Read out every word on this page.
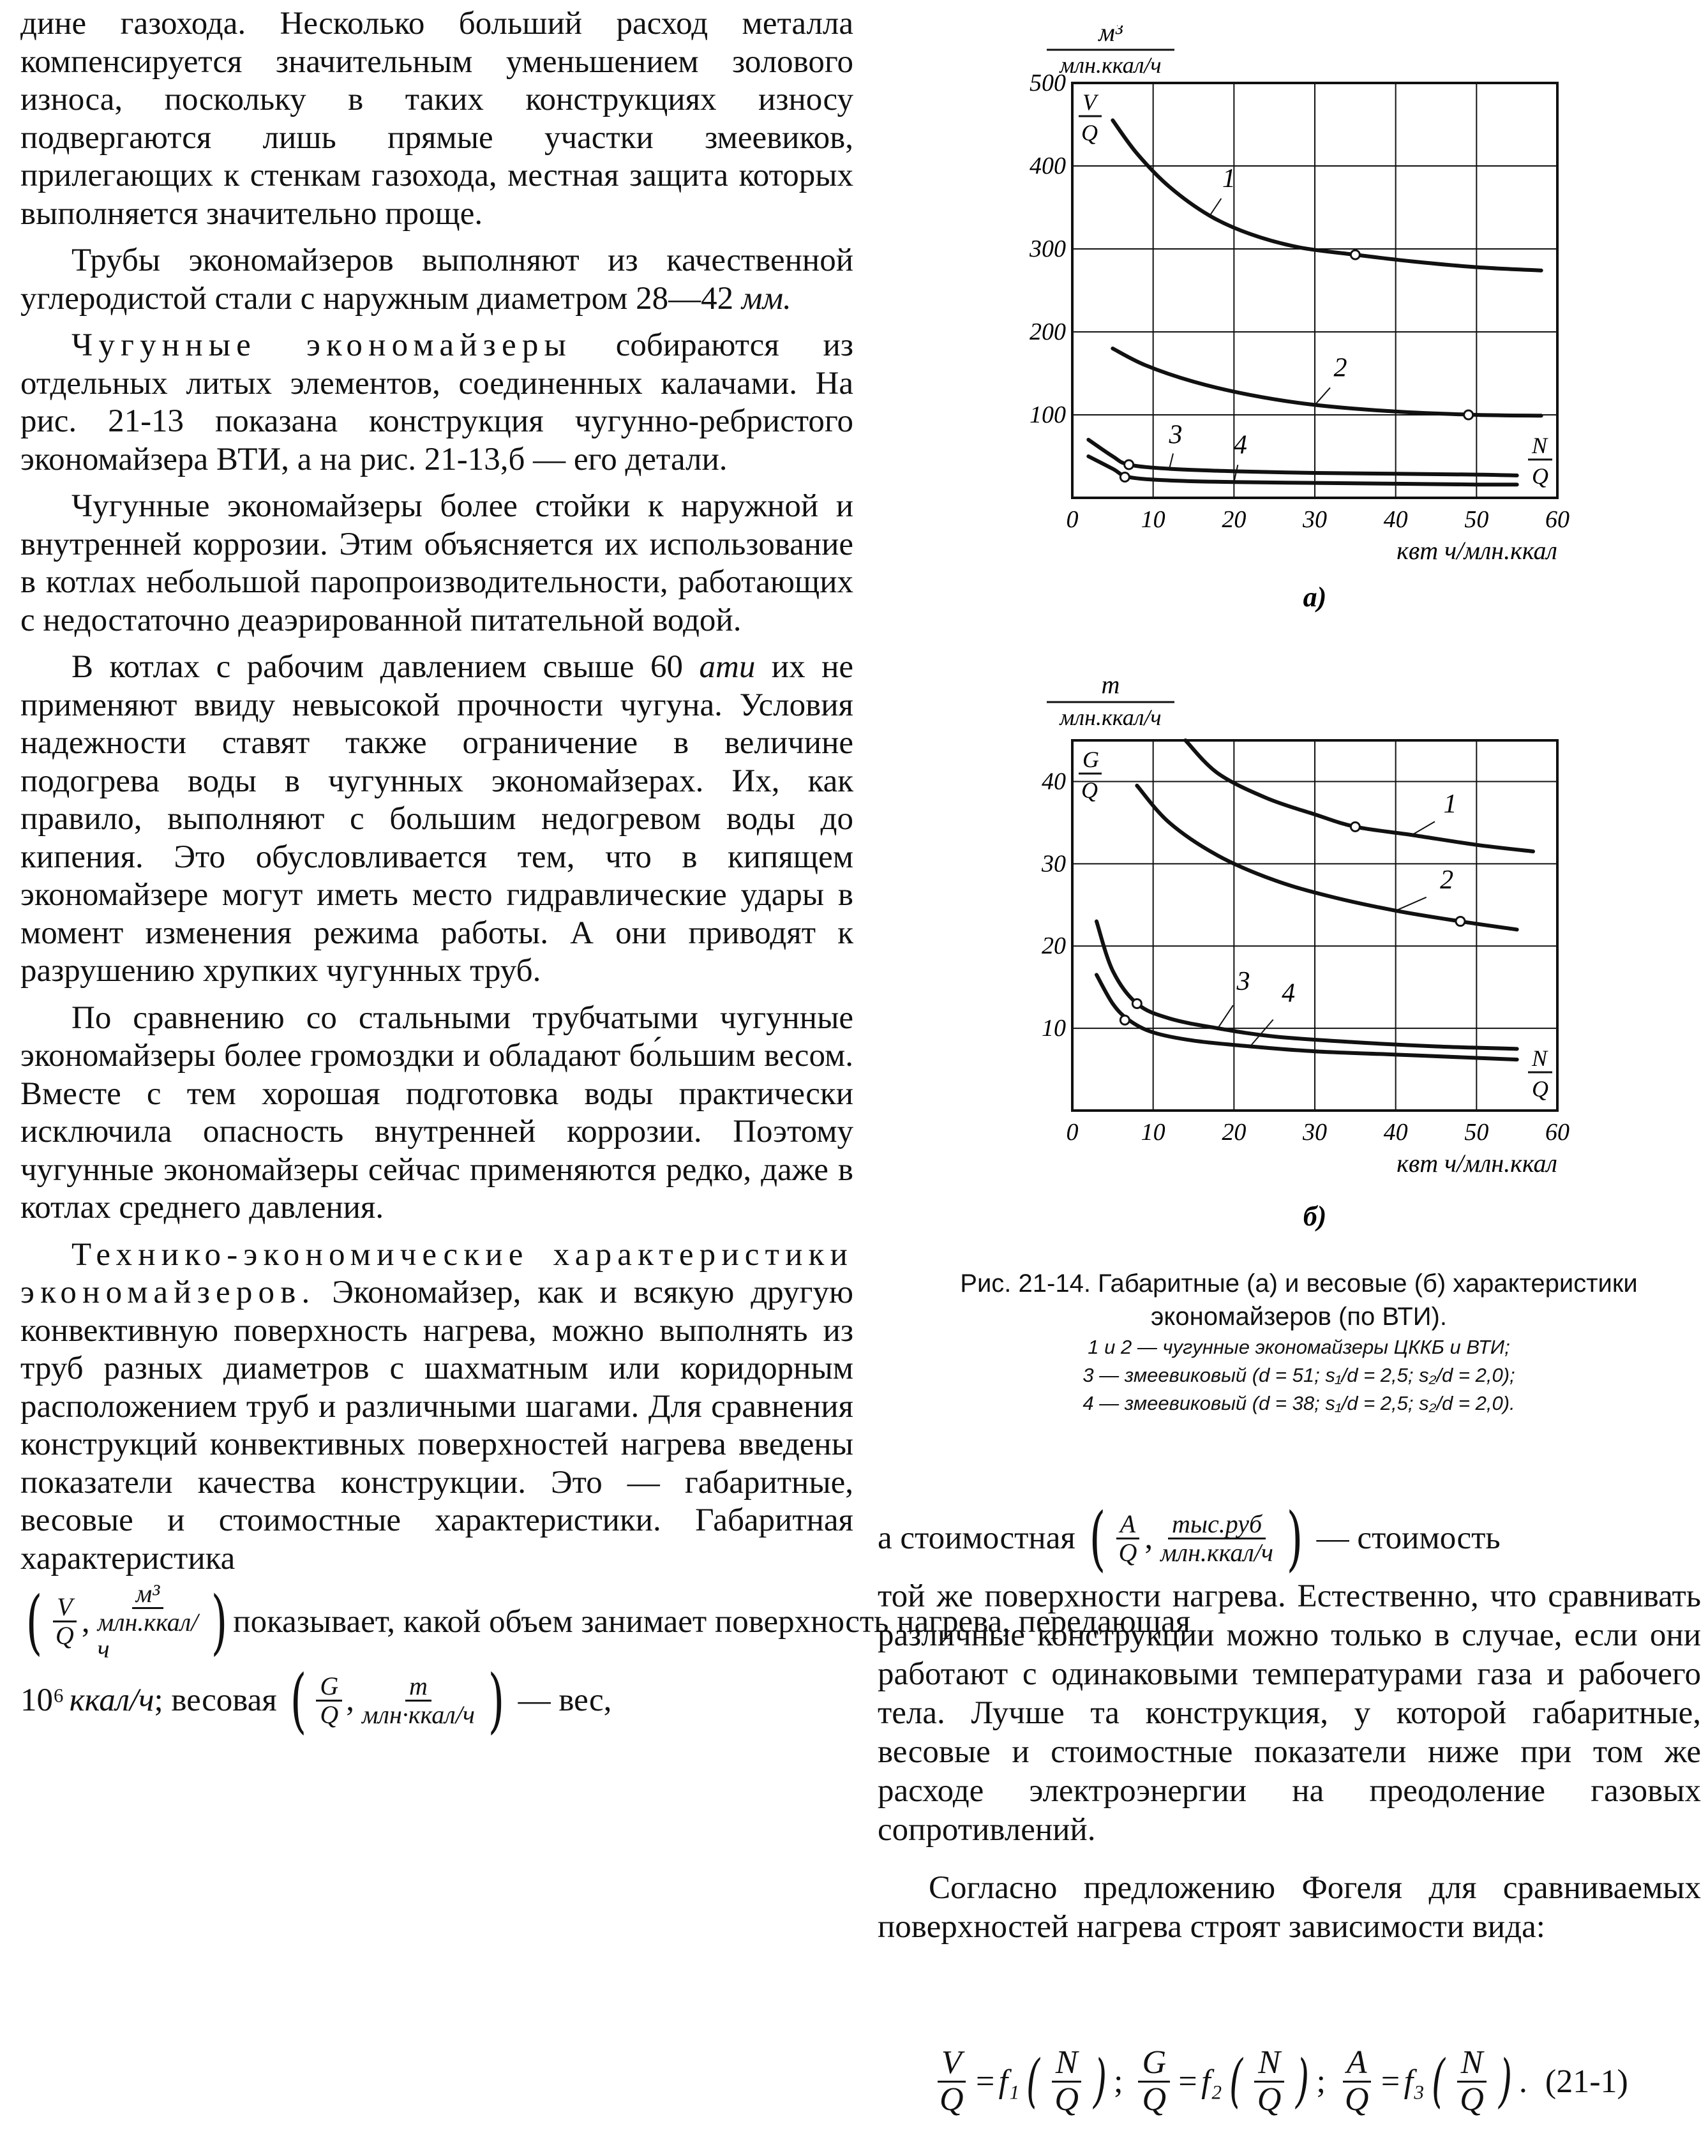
дине газохода. Несколько больший расход металла компенсируется значительным уменьшением золового износа, поскольку в таких конструкциях износу подвергаются лишь прямые участки змеевиков, прилегающих к стенкам газохода, местная защита которых выполняется значительно проще.

Трубы экономайзеров выполняют из качественной углеродистой стали с наружным диаметром 28—42 мм.

Чугунные экономайзеры собираются из отдельных литых элементов, соединенных калачами. На рис. 21-13 показана конструкция чугунно-ребристого экономайзера ВТИ, а на рис. 21-13,б — его детали.

Чугунные экономайзеры более стойки к наружной и внутренней коррозии. Этим объясняется их использование в котлах небольшой паропроизводительности, работающих с недостаточно деаэрированной питательной водой.

В котлах с рабочим давлением свыше 60 ати их не применяют ввиду невысокой прочности чугуна. Условия надежности ставят также ограничение в величине подогрева воды в чугунных экономайзерах. Их, как правило, выполняют с большим недогревом воды до кипения. Это обусловливается тем, что в кипящем экономайзере могут иметь место гидравлические удары в момент изменения режима работы. А они приводят к разрушению хрупких чугунных труб.

По сравнению со стальными трубчатыми чугунные экономайзеры более громоздки и обладают бо́льшим весом. Вместе с тем хорошая подготовка воды практически исключила опасность внутренней коррозии. Поэтому чугунные экономайзеры сейчас применяются редко, даже в котлах среднего давления.

Технико-экономические характеристики экономайзеров. Экономайзер, как и всякую другую конвективную поверхность нагрева, можно выполнять из труб разных диаметров с шахматным или коридорным расположением труб и различными шагами. Для сравнения конструкций конвективных поверхностей нагрева введены показатели качества конструкции. Это — габаритные, весовые и стоимостные характеристики. Габаритная характеристика

( $\frac{V}{Q}$ , $\frac{\text{м³}}{\text{млн.ккал/ч}}$ ) показывает, какой объем занимает поверхность нагрева, передающая
10⁶ ккал/ч ; весовая ( $\frac{G}{Q}$ , $\frac{т}{\text{млн·ккал/ч}}$ ) — вес,
м³
млн.ккал/ч
0	10 20 30 40 50 60
100
200
300
400
500
V
Q
N
Q
квт ч/млн.ккал
1
2
3 4
а)
т
млн.ккал/ч
0	10 20 30 40 50 60
10
20
30
40
G
Q
N
Q
квт ч/млн.ккал
1
2
3 4
б)
Рис. 21-14. Габаритные (а) и весовые (б) характеристики экономайзеров (по ВТИ).
1 и 2 — чугунные экономайзеры ЦККБ и ВТИ;
3 — змеевиковый (d = 51; s₁/d = 2,5; s₂/d = 2,0);
4 — змеевиковый (d = 38; s₁/d = 2,5; s₂/d = 2,0).
а стоимостная ( $\frac{A}{Q}$ , $\frac{\text{тыс.руб}}{\text{млн.ккал/ч}}$ ) — стоимость

той же поверхности нагрева. Естественно, что сравнивать различные конструкции можно только в случае, если они работают с одинаковыми температурами газа и рабочего тела. Лучше та конструкция, у которой габаритные, весовые и стоимостные показатели ниже при том же расходе электроэнергии на преодоление газовых сопротивлений.

Согласно предложению Фогеля для сравниваемых поверхностей нагрева строят зависимости вида:

$\frac{V}{Q} = f_1$ ( $\frac{N}{Q}$ ) ; $\frac{G}{Q} = f_2$ ( $\frac{N}{Q}$ ) ; $\frac{A}{Q} = f_3$ ( $\frac{N}{Q}$ ) . (21-1)
